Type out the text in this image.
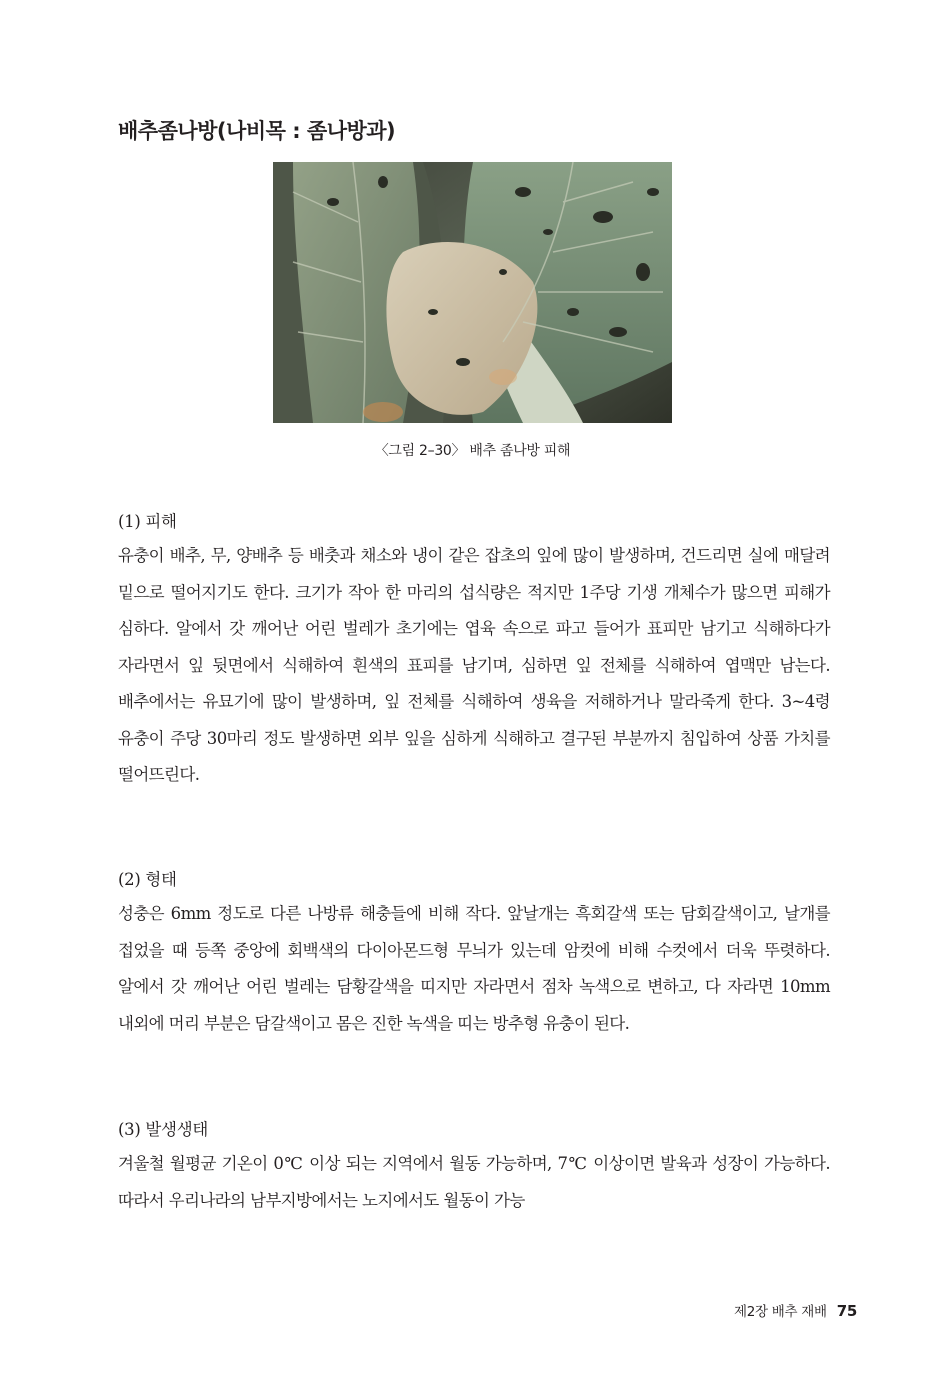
배추좀나방(나비목 : 좀나방과)
〈그림 2–30〉 배추 좀나방 피해

(1) 피해

유충이 배추, 무, 양배추 등 배춧과 채소와 냉이 같은 잡초의 잎에 많이 발생하며, 건드리면 실에 매달려 밑으로 떨어지기도 한다. 크기가 작아 한 마리의 섭식량은 적지만 1주당 기생 개체수가 많으면 피해가 심하다. 알에서 갓 깨어난 어린 벌레가 초기에는 엽육 속으로 파고 들어가 표피만 남기고 식해하다가 자라면서 잎 뒷면에서 식해하여 흰색의 표피를 남기며, 심하면 잎 전체를 식해하여 엽맥만 남는다. 배추에서는 유묘기에 많이 발생하며, 잎 전체를 식해하여 생육을 저해하거나 말라죽게 한다. 3~4령 유충이 주당 30마리 정도 발생하면 외부 잎을 심하게 식해하고 결구된 부분까지 침입하여 상품 가치를 떨어뜨린다.

(2) 형태

성충은 6mm 정도로 다른 나방류 해충들에 비해 작다. 앞날개는 흑회갈색 또는 담회갈색이고, 날개를 접었을 때 등쪽 중앙에 회백색의 다이아몬드형 무늬가 있는데 암컷에 비해 수컷에서 더욱 뚜렷하다. 알에서 갓 깨어난 어린 벌레는 담황갈색을 띠지만 자라면서 점차 녹색으로 변하고, 다 자라면 10mm 내외에 머리 부분은 담갈색이고 몸은 진한 녹색을 띠는 방추형 유충이 된다.

(3) 발생생태

겨울철 월평균 기온이 0℃ 이상 되는 지역에서 월동 가능하며, 7℃ 이상이면 발육과 성장이 가능하다. 따라서 우리나라의 남부지방에서는 노지에서도 월동이 가능

제2장 배추 재배 75
